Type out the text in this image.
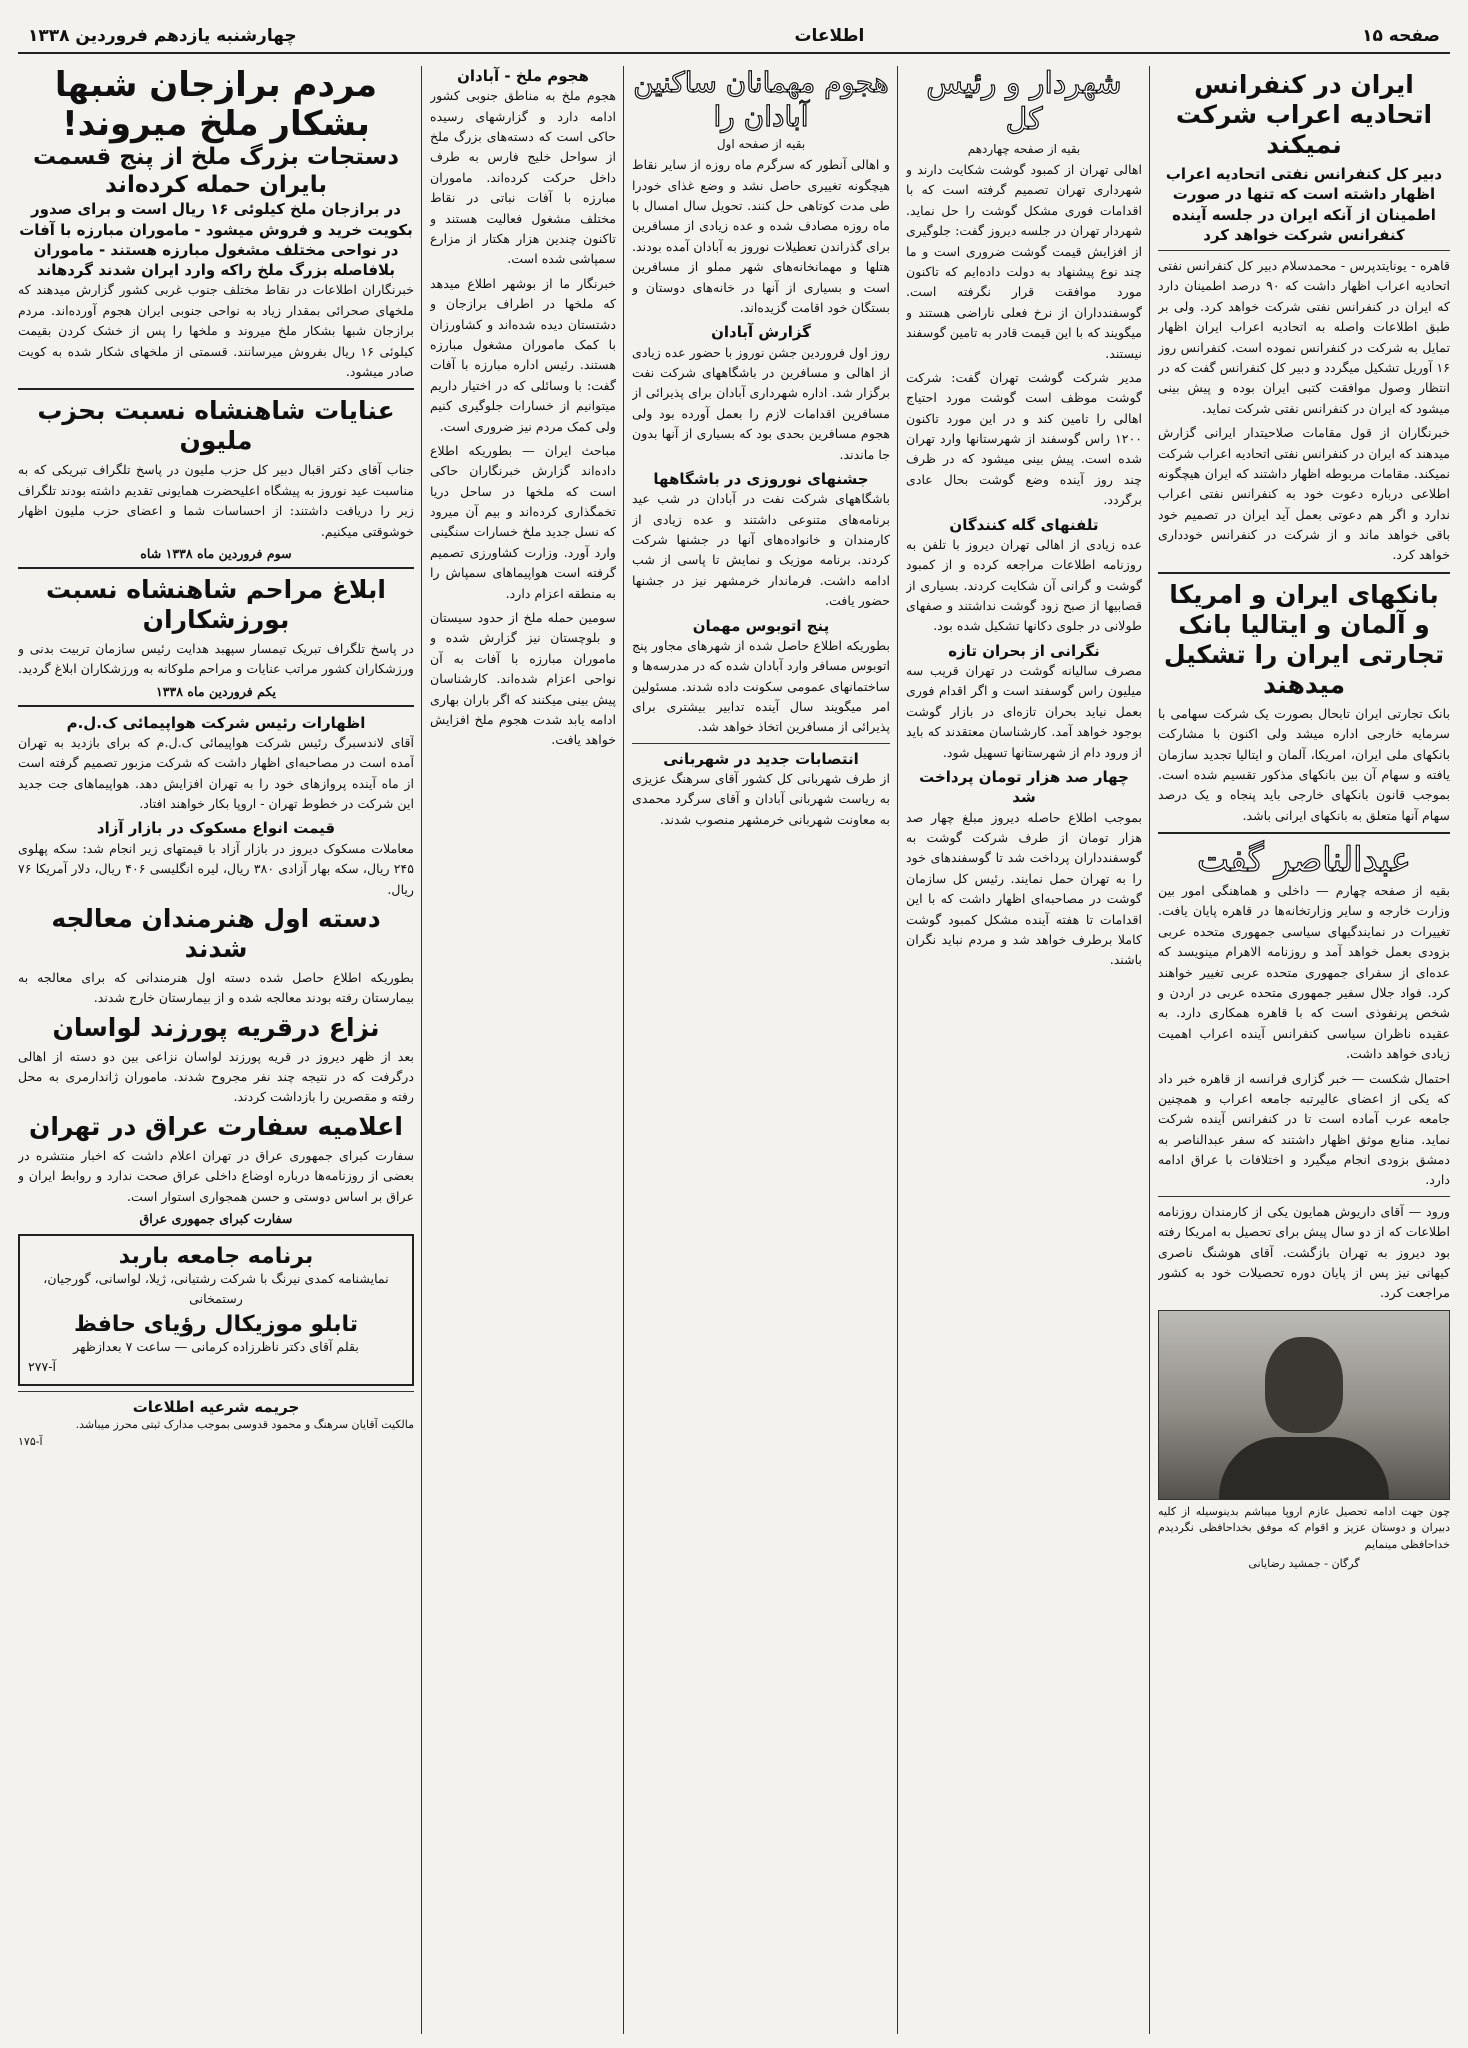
صفحه ۱۵
اطلاعات
چهارشنبه یازدهم فروردین ۱۳۳۸
ایران در کنفرانس اتحادیه اعراب شرکت نمیکند
دبیر کل کنفرانس نفتی اتحادیه اعراب اظهار داشته است که تنها در صورت اطمینان از آنکه ایران در جلسه آینده کنفرانس شرکت خواهد کرد

قاهره - یونایتدپرس - محمدسلام دبیر کل کنفرانس نفتی اتحادیه اعراب اظهار داشت که ۹۰ درصد اطمینان دارد که ایران در کنفرانس نفتی شرکت خواهد کرد. ولی بر طبق اطلاعات واصله به اتحادیه اعراب ایران اظهار تمایل به شرکت در کنفرانس نموده است. کنفرانس روز ۱۶ آوریل تشکیل میگردد و دبیر کل کنفرانس گفت که در انتظار وصول موافقت کتبی ایران بوده و پیش بینی میشود که ایران در کنفرانس نفتی شرکت نماید.

خبرنگاران از قول مقامات صلاحیتدار ایرانی گزارش میدهند که ایران در کنفرانس نفتی اتحادیه اعراب شرکت نمیکند. مقامات مربوطه اظهار داشتند که ایران هیچگونه اطلاعی درباره دعوت خود به کنفرانس نفتی اعراب ندارد و اگر هم دعوتی بعمل آید ایران در تصمیم خود باقی خواهد ماند و از شرکت در کنفرانس خودداری خواهد کرد.

بانکهای ایران و امریکا و آلمان و ایتالیا بانک تجارتی ایران را تشکیل میدهند

بانک تجارتی ایران تابحال بصورت یک شرکت سهامی با سرمایه خارجی اداره میشد ولی اکنون با مشارکت بانکهای ملی ایران، امریکا، آلمان و ایتالیا تجدید سازمان یافته و سهام آن بین بانکهای مذکور تقسیم شده است. بموجب قانون بانکهای خارجی باید پنجاه و یک درصد سهام آنها متعلق به بانکهای ایرانی باشد.

عبدالناصر گفت

بقیه از صفحه چهارم — داخلی و هماهنگی امور بین وزارت خارجه و سایر وزارتخانه‌ها در قاهره پایان یافت. تغییرات در نمایندگیهای سیاسی جمهوری متحده عربی بزودی بعمل خواهد آمد و روزنامه الاهرام مینویسد که عده‌ای از سفرای جمهوری متحده عربی تغییر خواهند کرد. فواد جلال سفیر جمهوری متحده عربی در اردن و شخص پرنفوذی است که با قاهره همکاری دارد. به عقیده ناظران سیاسی کنفرانس آینده اعراب اهمیت زیادی خواهد داشت.

احتمال شکست — خبر گزاری فرانسه از قاهره خبر داد که یکی از اعضای عالیرتبه جامعه اعراب و همچنین جامعه عرب آماده است تا در کنفرانس آینده شرکت نماید. منابع موثق اظهار داشتند که سفر عبدالناصر به دمشق بزودی انجام میگیرد و اختلافات با عراق ادامه دارد.

ورود — آقای داریوش همایون یکی از کارمندان روزنامه اطلاعات که از دو سال پیش برای تحصیل به امریکا رفته بود دیروز به تهران بازگشت. آقای هوشنگ ناصری کیهانی نیز پس از پایان دوره تحصیلات خود به کشور مراجعت کرد.

چون جهت ادامه تحصیل عازم اروپا میباشم بدینوسیله از کلیه دبیران و دوستان عزیز و اقوام که موفق بخداحافظی نگردیدم خداحافظی مینمایم

گرگان - جمشید رضایانی
شهردار و رئیس کل
بقیه از صفحه چهاردهم

اهالی تهران از کمبود گوشت شکایت دارند و شهرداری تهران تصمیم گرفته است که با اقدامات فوری مشکل گوشت را حل نماید. شهردار تهران در جلسه دیروز گفت: جلوگیری از افزایش قیمت گوشت ضروری است و ما چند نوع پیشنهاد به دولت داده‌ایم که تاکنون مورد موافقت قرار نگرفته است. گوسفندداران از نرخ فعلی ناراضی هستند و میگویند که با این قیمت قادر به تامین گوسفند نیستند.

مدیر شرکت گوشت تهران گفت: شرکت گوشت موظف است گوشت مورد احتیاج اهالی را تامین کند و در این مورد تاکنون ۱۲۰۰ راس گوسفند از شهرستانها وارد تهران شده است. پیش بینی میشود که در ظرف چند روز آینده وضع گوشت بحال عادی برگردد.

تلفنهای گله کنندگان

عده زیادی از اهالی تهران دیروز با تلفن به روزنامه اطلاعات مراجعه کرده و از کمبود گوشت و گرانی آن شکایت کردند. بسیاری از قصابیها از صبح زود گوشت نداشتند و صفهای طولانی در جلوی دکانها تشکیل شده بود.

نگرانی از بحران تازه

مصرف سالیانه گوشت در تهران قریب سه میلیون راس گوسفند است و اگر اقدام فوری بعمل نیاید بحران تازه‌ای در بازار گوشت بوجود خواهد آمد. کارشناسان معتقدند که باید از ورود دام از شهرستانها تسهیل شود.

چهار صد هزار تومان پرداخت شد

بموجب اطلاع حاصله دیروز مبلغ چهار صد هزار تومان از طرف شرکت گوشت به گوسفندداران پرداخت شد تا گوسفندهای خود را به تهران حمل نمایند. رئیس کل سازمان گوشت در مصاحبه‌ای اظهار داشت که با این اقدامات تا هفته آینده مشکل کمبود گوشت کاملا برطرف خواهد شد و مردم نباید نگران باشند.

هجوم مهمانان ساکنین آبادان را
بقیه از صفحه اول

و اهالی آنطور که سرگرم ماه روزه از سایر نقاط هیچگونه تغییری حاصل نشد و وضع غذای خودرا طی مدت کوتاهی حل کنند. تحویل سال امسال با ماه روزه مصادف شده و عده زیادی از مسافرین برای گذراندن تعطیلات نوروز به آبادان آمده بودند. هتلها و مهمانخانه‌های شهر مملو از مسافرین است و بسیاری از آنها در خانه‌های دوستان و بستگان خود اقامت گزیده‌اند.

گزارش آبادان

روز اول فروردین جشن نوروز با حضور عده زیادی از اهالی و مسافرین در باشگاههای شرکت نفت برگزار شد. اداره شهرداری آبادان برای پذیرائی از مسافرین اقدامات لازم را بعمل آورده بود ولی هجوم مسافرین بحدی بود که بسیاری از آنها بدون جا ماندند.

جشنهای نوروزی در باشگاهها

باشگاههای شرکت نفت در آبادان در شب عید برنامه‌های متنوعی داشتند و عده زیادی از کارمندان و خانواده‌های آنها در جشنها شرکت کردند. برنامه موزیک و نمایش تا پاسی از شب ادامه داشت. فرماندار خرمشهر نیز در جشنها حضور یافت.

پنج اتوبوس مهمان

بطوریکه اطلاع حاصل شده از شهرهای مجاور پنج اتوبوس مسافر وارد آبادان شده که در مدرسه‌ها و ساختمانهای عمومی سکونت داده شدند. مسئولین امر میگویند سال آینده تدابیر بیشتری برای پذیرائی از مسافرین اتخاذ خواهد شد.

انتصابات جدید در شهربانی

از طرف شهربانی کل کشور آقای سرهنگ عزیزی به ریاست شهربانی آبادان و آقای سرگرد محمدی به معاونت شهربانی خرمشهر منصوب شدند.

هجوم ملخ - آبادان

هجوم ملخ به مناطق جنوبی کشور ادامه دارد و گزارشهای رسیده حاکی است که دسته‌های بزرگ ملخ از سواحل خلیج فارس به طرف داخل حرکت کرده‌اند. ماموران مبارزه با آفات نباتی در نقاط مختلف مشغول فعالیت هستند و تاکنون چندین هزار هکتار از مزارع سمپاشی شده است.

خبرنگار ما از بوشهر اطلاع میدهد که ملخها در اطراف برازجان و دشتستان دیده شده‌اند و کشاورزان با کمک ماموران مشغول مبارزه هستند. رئیس اداره مبارزه با آفات گفت: با وسائلی که در اختیار داریم میتوانیم از خسارات جلوگیری کنیم ولی کمک مردم نیز ضروری است.

مباحث ایران — بطوریکه اطلاع داده‌اند گزارش خبرنگاران حاکی است که ملخها در ساحل دریا تخمگذاری کرده‌اند و بیم آن میرود که نسل جدید ملخ خسارات سنگینی وارد آورد. وزارت کشاورزی تصمیم گرفته است هواپیماهای سمپاش را به منطقه اعزام دارد.

سومین حمله ملخ از حدود سیستان و بلوچستان نیز گزارش شده و ماموران مبارزه با آفات به آن نواحی اعزام شده‌اند. کارشناسان پیش بینی میکنند که اگر باران بهاری ادامه یابد شدت هجوم ملخ افزایش خواهد یافت.

مردم برازجان شبها بشکار ملخ میروند!
دستجات بزرگ ملخ از پنج قسمت بایران حمله کرده‌اند
در برازجان ملخ کیلوئی ۱۶ ریال است و برای صدور بکویت خرید و فروش میشود - ماموران مبارزه با آفات در نواحی مختلف مشغول مبارزه هستند - ماموران بلافاصله بزرگ ملخ راکه وارد ایران شدند گردهاند

خبرنگاران اطلاعات در نقاط مختلف جنوب غربی کشور گزارش میدهند که ملخهای صحرائی بمقدار زیاد به نواحی جنوبی ایران هجوم آورده‌اند. مردم برازجان شبها بشکار ملخ میروند و ملخها را پس از خشک کردن بقیمت کیلوئی ۱۶ ریال بفروش میرسانند. قسمتی از ملخهای شکار شده به کویت صادر میشود.

عنایات شاهنشاه نسبت بحزب ملیون

جناب آقای دکتر اقبال دبیر کل حزب ملیون در پاسخ تلگراف تبریکی که به مناسبت عید نوروز به پیشگاه اعلیحضرت همایونی تقدیم داشته بودند تلگراف زیر را دریافت داشتند: از احساسات شما و اعضای حزب ملیون اظهار خوشوقتی میکنیم.

سوم فروردین ماه ۱۳۳۸ شاه
ابلاغ مراحم شاهنشاه نسبت بورزشکاران

در پاسخ تلگراف تبریک تیمسار سپهبد هدایت رئیس سازمان تربیت بدنی و ورزشکاران کشور مراتب عنایات و مراحم ملوکانه به ورزشکاران ابلاغ گردید.

یکم فروردین ماه ۱۳۳۸
اظهارات رئیس شرکت هواپیمائی ک.ل.م

آقای لاندسبرگ رئیس شرکت هواپیمائی ک.ل.م که برای بازدید به تهران آمده است در مصاحبه‌ای اظهار داشت که شرکت مزبور تصمیم گرفته است از ماه آینده پروازهای خود را به تهران افزایش دهد. هواپیماهای جت جدید این شرکت در خطوط تهران - اروپا بکار خواهند افتاد.

قیمت انواع مسکوک در بازار آزاد

معاملات مسکوک دیروز در بازار آزاد با قیمتهای زیر انجام شد: سکه پهلوی ۲۴۵ ریال، سکه بهار آزادی ۳۸۰ ریال، لیره انگلیسی ۴۰۶ ریال، دلار آمریکا ۷۶ ریال.

دسته اول هنرمندان معالجه شدند

بطوریکه اطلاع حاصل شده دسته اول هنرمندانی که برای معالجه به بیمارستان رفته بودند معالجه شده و از بیمارستان خارج شدند.

نزاع درقریه پورزند لواسان

بعد از ظهر دیروز در قریه پورزند لواسان نزاعی بین دو دسته از اهالی درگرفت که در نتیجه چند نفر مجروح شدند. ماموران ژاندارمری به محل رفته و مقصرین را بازداشت کردند.

اعلامیه سفارت عراق در تهران

سفارت کبرای جمهوری عراق در تهران اعلام داشت که اخبار منتشره در بعضی از روزنامه‌ها درباره اوضاع داخلی عراق صحت ندارد و روابط ایران و عراق بر اساس دوستی و حسن همجواری استوار است.

سفارت کبرای جمهوری عراق
برنامه جامعه باربد
نمایشنامه کمدی نیرنگ با شرکت رشتیانی، ژیلا، لواسانی، گورجیان، رستمخانی
تابلو موزیکال رؤیای حافظ
بقلم آقای دکتر ناظرزاده کرمانی — ساعت ۷ بعدازظهر
آ-۲۷۷
جریمه شرعیه اطلاعات

مالکیت آقایان سرهنگ و محمود قدوسی بموجب مدارک ثبتی محرز میباشد.

آ-۱۷۵
